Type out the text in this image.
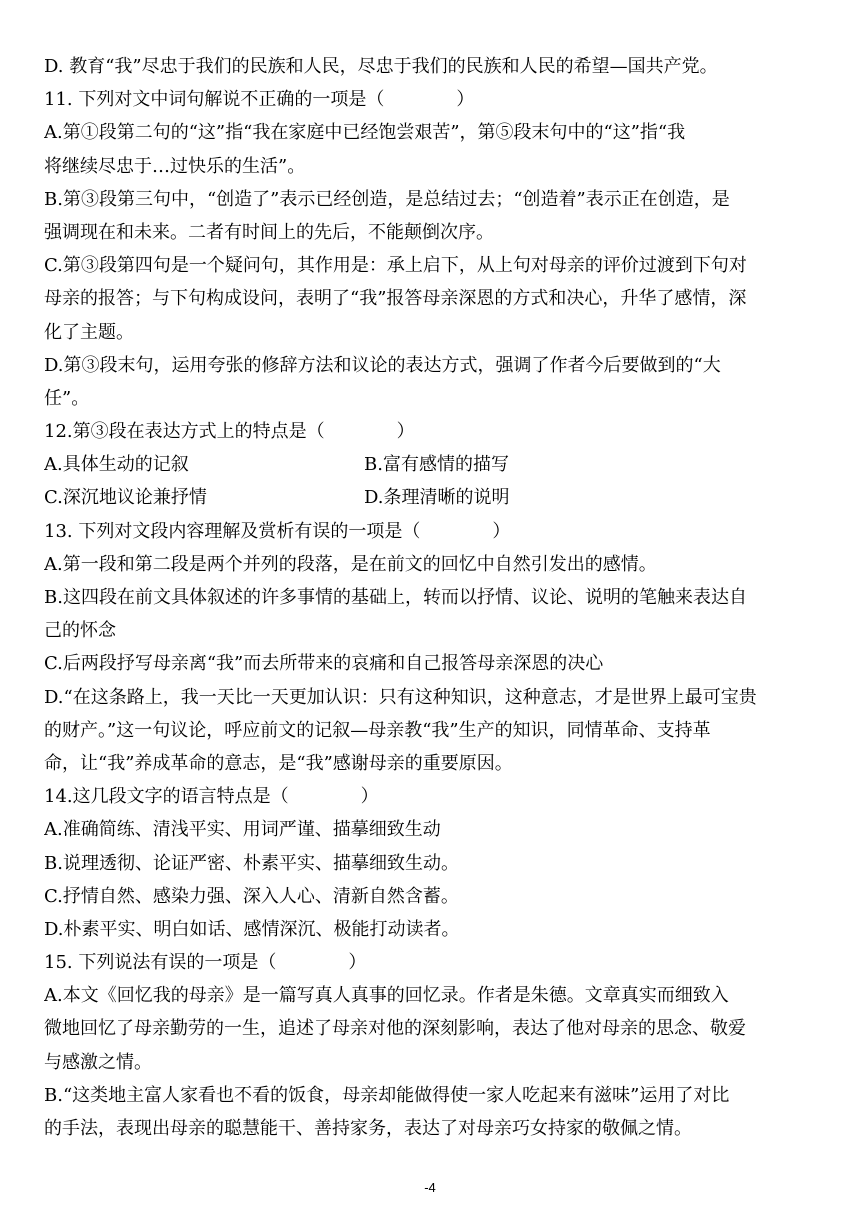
D. 教育“我”尽忠于我们的民族和人民，尽忠于我们的民族和人民的希望—国共产党。
11. 下列对文中词句解说不正确的一项是（　　　　）
A.第①段第二句的“这”指“我在家庭中已经饱尝艰苦”，第⑤段末句中的“这”指“我
将继续尽忠于…过快乐的生活”。
B.第③段第三句中，“创造了”表示已经创造，是总结过去；“创造着”表示正在创造，是
强调现在和未来。二者有时间上的先后，不能颠倒次序。
C.第③段第四句是一个疑问句，其作用是：承上启下，从上句对母亲的评价过渡到下句对
母亲的报答；与下句构成设问，表明了“我”报答母亲深恩的方式和决心，升华了感情，深
化了主题。
D.第③段末句，运用夸张的修辞方法和议论的表达方式，强调了作者今后要做到的“大
任”。
12.第③段在表达方式上的特点是（　　　　）
A.具体生动的记叙	B.富有感情的描写
C.深沉地议论兼抒情	D.条理清晰的说明
13. 下列对文段内容理解及赏析有误的一项是（　　　　）
A.第一段和第二段是两个并列的段落，是在前文的回忆中自然引发出的感情。
B.这四段在前文具体叙述的许多事情的基础上，转而以抒情、议论、说明的笔触来表达自
己的怀念
C.后两段抒写母亲离“我”而去所带来的哀痛和自己报答母亲深恩的决心
D.“在这条路上，我一天比一天更加认识：只有这种知识，这种意志，才是世界上最可宝贵
的财产。”这一句议论，呼应前文的记叙—母亲教“我”生产的知识，同情革命、支持革
命，让“我”养成革命的意志，是“我”感谢母亲的重要原因。
14.这几段文字的语言特点是（　　　　）
A.准确简练、清浅平实、用词严谨、描摹细致生动
B.说理透彻、论证严密、朴素平实、描摹细致生动。
C.抒情自然、感染力强、深入人心、清新自然含蓄。
D.朴素平实、明白如话、感情深沉、极能打动读者。
15. 下列说法有误的一项是（　　　　）
A.本文《回忆我的母亲》是一篇写真人真事的回忆录。作者是朱德。文章真实而细致入
微地回忆了母亲勤劳的一生，追述了母亲对他的深刻影响，表达了他对母亲的思念、敬爱
与感激之情。
B.“这类地主富人家看也不看的饭食，母亲却能做得使一家人吃起来有滋味”运用了对比
的手法，表现出母亲的聪慧能干、善持家务，表达了对母亲巧女持家的敬佩之情。
-4
